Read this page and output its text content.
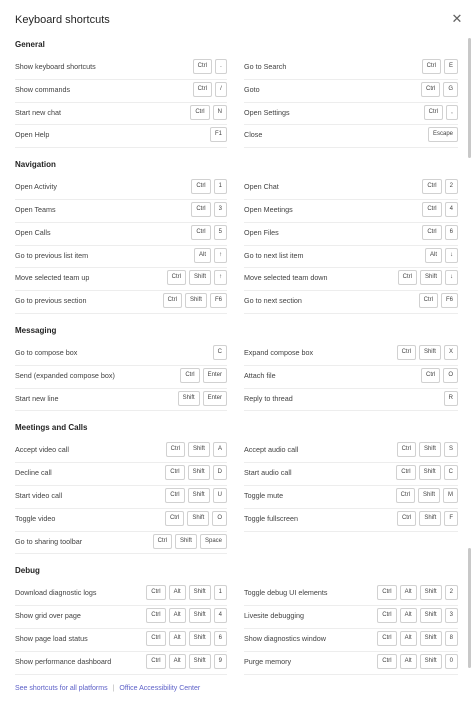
Keyboard shortcuts	✕
General
Show keyboard shortcuts	Ctrl	.	Go to Search	Ctrl	E
Show commands	Ctrl	/	Goto	Ctrl	G
Start new chat	Ctrl	N	Open Settings	Ctrl	,
Open Help	F1	Close	Escape
Navigation
Open Activity	Ctrl	1	Open Chat	Ctrl	2
Open Teams	Ctrl	3	Open Meetings	Ctrl	4
Open Calls	Ctrl	5	Open Files	Ctrl	6
Go to previous list item	Alt	↑	Go to next list item	Alt	↓
Move selected team up	Ctrl	Shift	↑	Move selected team down	Ctrl	Shift	↓
Go to previous section	Ctrl	Shift	F6	Go to next section	Ctrl	F6
Messaging
Go to compose box	C	Expand compose box	Ctrl	Shift	X
Send (expanded compose box)	Ctrl	Enter	Attach file	Ctrl	O
Start new line	Shift	Enter	Reply to thread	R
Meetings and Calls
Accept video call	Ctrl	Shift	A	Accept audio call	Ctrl	Shift	S
Decline call	Ctrl	Shift	D	Start audio call	Ctrl	Shift	C
Start video call	Ctrl	Shift	U	Toggle mute	Ctrl	Shift	M
Toggle video	Ctrl	Shift	O	Toggle fullscreen	Ctrl	Shift	F
Go to sharing toolbar	Ctrl	Shift	Space
Debug
Download diagnostic logs	Ctrl	Alt	Shift	1	Toggle debug UI elements	Ctrl	Alt	Shift	2
Show grid over page	Ctrl	Alt	Shift	4	Livesite debugging	Ctrl	Alt	Shift	3
Show page load status	Ctrl	Alt	Shift	6	Show diagnostics window	Ctrl	Alt	Shift	8
Show performance dashboard	Ctrl	Alt	Shift	9	Purge memory	Ctrl	Alt	Shift	0
See shortcuts for all platforms | Office Accessibility Center
